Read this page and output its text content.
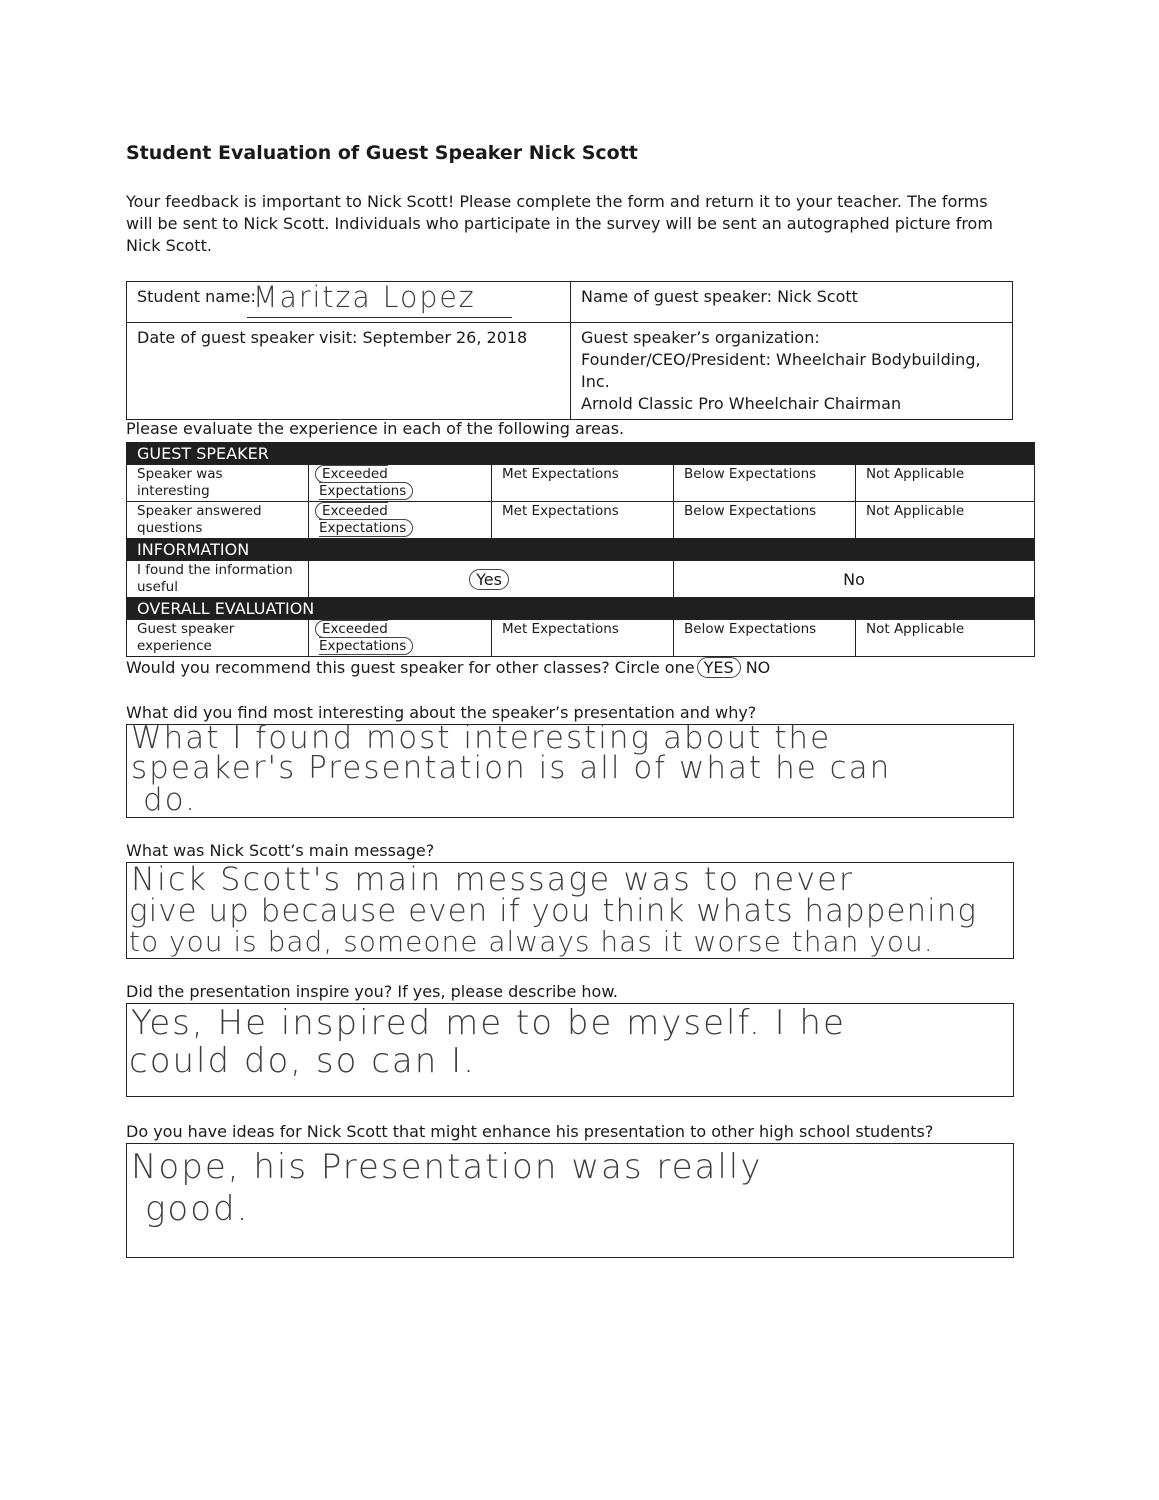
Student Evaluation of Guest Speaker Nick Scott
Your feedback is important to Nick Scott! Please complete the form and return it to your teacher. The forms will be sent to Nick Scott. Individuals who participate in the survey will be sent an autographed picture from Nick Scott.
Student name:
Maritza Lopez	Name of guest speaker: Nick Scott
Date of guest speaker visit: September 26, 2018	Guest speaker’s organization:
Founder/CEO/President: Wheelchair Bodybuilding, Inc.
Arnold Classic Pro Wheelchair Chairman
Please evaluate the experience in each of the following areas.
GUEST SPEAKER				
Speaker was interesting	Exceeded Expectations	Met Expectations	Below Expectations	Not Applicable
Speaker answered questions	Exceeded Expectations	Met Expectations	Below Expectations	Not Applicable
INFORMATION				
I found the information useful	Yes		No	
OVERALL EVALUATION				
Guest speaker experience	Exceeded Expectations	Met Expectations	Below Expectations	Not Applicable
Would you recommend this guest speaker for other classes? Circle one YES NO
What did you find most interesting about the speaker’s presentation and why?
What I found most interesting about the
speaker's Presentation is all of what he can
do.
What was Nick Scott’s main message?
Nick Scott's main message was to never
give up because even if you think whats happening
to you is bad, someone always has it worse than you.
Did the presentation inspire you? If yes, please describe how.
Yes, He inspired me to be myself. I he
could do, so can I.
Do you have ideas for Nick Scott that might enhance his presentation to other high school students?
Nope, his Presentation was really
good.
